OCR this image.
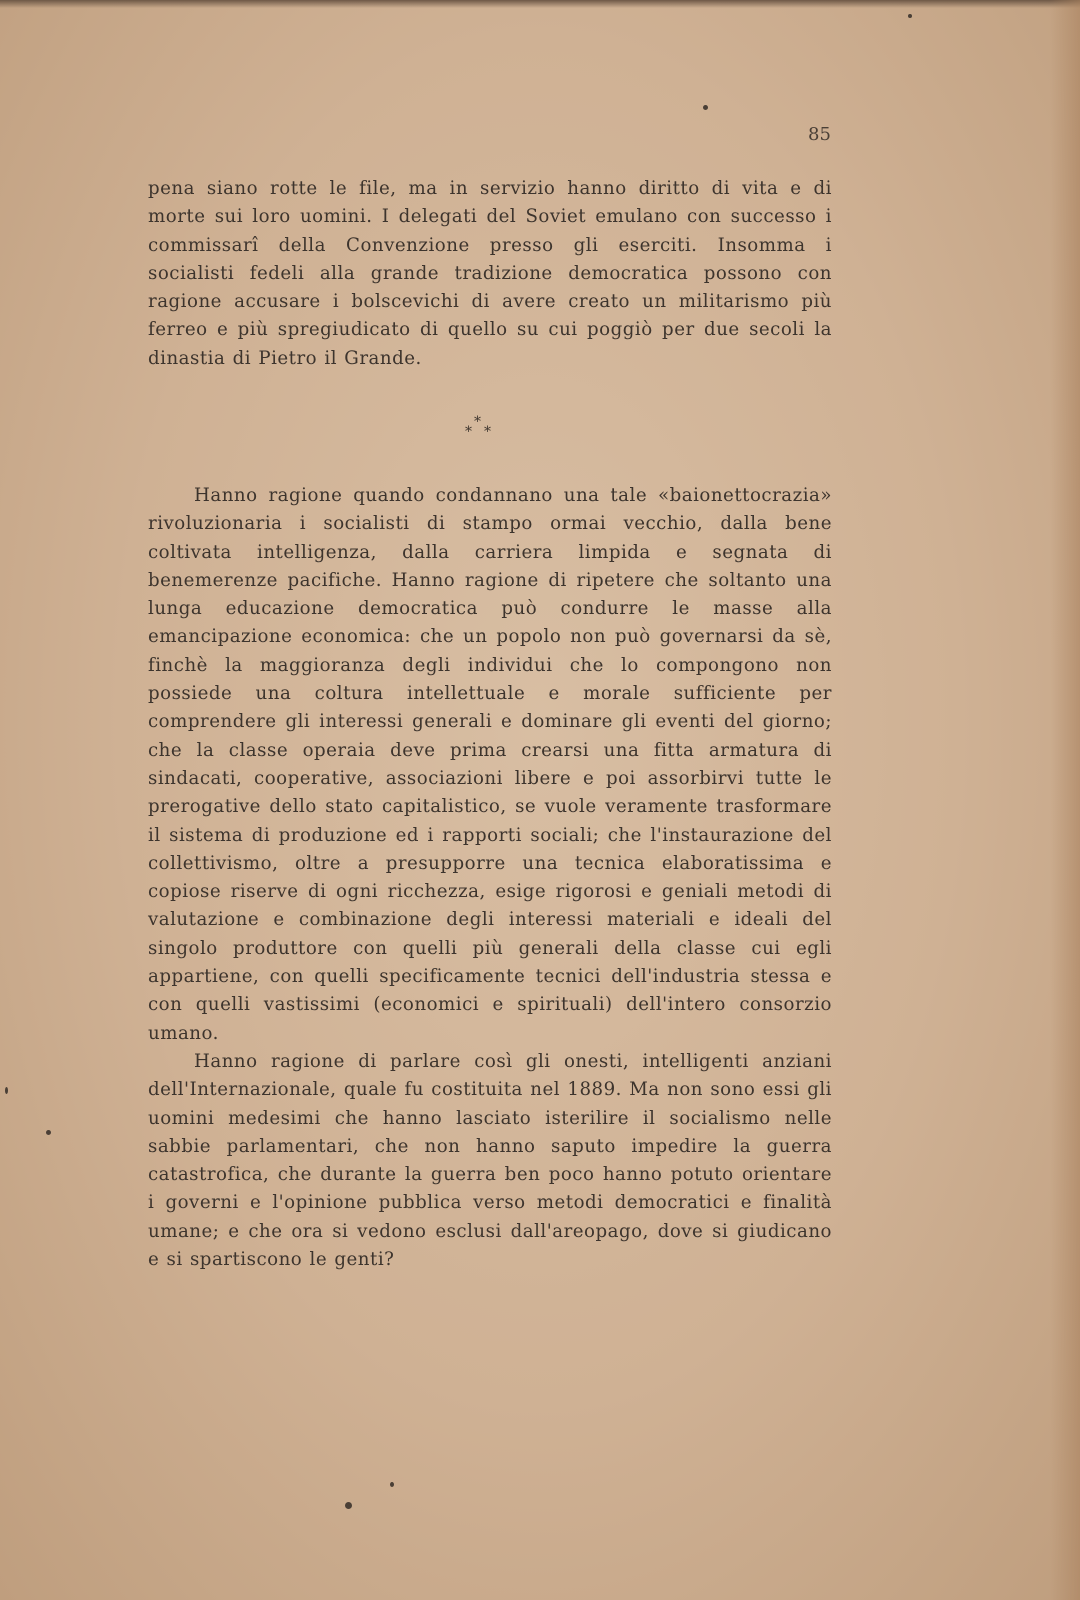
85

pena siano rotte le file, ma in servizio hanno diritto di vita e di morte sui loro uomini. I delegati del Soviet emulano con successo i commissarî della Convenzione presso gli eserciti. Insomma i socialisti fedeli alla grande tradizione democratica possono con ragione accusare i bolscevichi di avere creato un militarismo più ferreo e più spregiudicato di quello su cui poggiò per due secoli la dinastia di Pietro il Grande.

*
* *

Hanno ragione quando condannano una tale «baionettocrazia» rivoluzionaria i socialisti di stampo ormai vecchio, dalla bene coltivata intelligenza, dalla carriera limpida e segnata di benemerenze pacifiche. Hanno ragione di ripetere che soltanto una lunga educazione democratica può condurre le masse alla emancipazione economica: che un popolo non può governarsi da sè, finchè la maggioranza degli individui che lo compongono non possiede una coltura intellettuale e morale sufficiente per comprendere gli interessi generali e dominare gli eventi del giorno; che la classe operaia deve prima crearsi una fitta armatura di sindacati, cooperative, associazioni libere e poi assorbirvi tutte le prerogative dello stato capitalistico, se vuole veramente trasformare il sistema di produzione ed i rapporti sociali; che l'instaurazione del collettivismo, oltre a presupporre una tecnica elaboratissima e copiose riserve di ogni ricchezza, esige rigorosi e geniali metodi di valutazione e combinazione degli interessi materiali e ideali del singolo produttore con quelli più generali della classe cui egli appartiene, con quelli specificamente tecnici dell'industria stessa e con quelli vastissimi (economici e spirituali) dell'intero consorzio umano.

Hanno ragione di parlare così gli onesti, intelligenti anziani dell'Internazionale, quale fu costituita nel 1889. Ma non sono essi gli uomini medesimi che hanno lasciato isterilire il socialismo nelle sabbie parlamentari, che non hanno saputo impedire la guerra catastrofica, che durante la guerra ben poco hanno potuto orientare i governi e l'opinione pubblica verso metodi democratici e finalità umane; e che ora si vedono esclusi dall'areopago, dove si giudicano e si spartiscono le genti?
